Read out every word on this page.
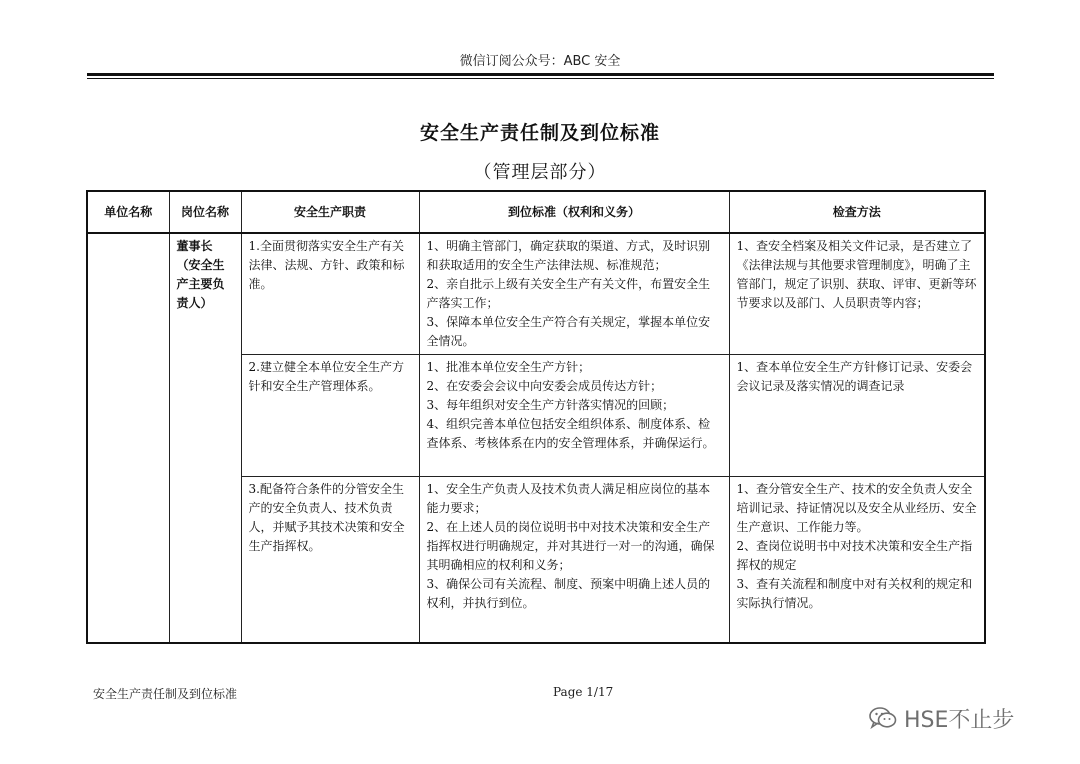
微信订阅公众号：ABC 安全
安全生产责任制及到位标准
（管理层部分）
单位名称	岗位名称	安全生产职责	到位标准（权利和义务）	检查方法
	董事长（安全生产主要负责人）	1.全面贯彻落实安全生产有关法律、法规、方针、政策和标准。	1、明确主管部门，确定获取的渠道、方式，及时识别和获取适用的安全生产法律法规、标准规范；
2、亲自批示上级有关安全生产有关文件，布置安全生产落实工作；
3、保障本单位安全生产符合有关规定，掌握本单位安全情况。	1、查安全档案及相关文件记录，是否建立了《法律法规与其他要求管理制度》，明确了主管部门，规定了识别、获取、评审、更新等环节要求以及部门、人员职责等内容；

		2.建立健全本单位安全生产方针和安全生产管理体系。	1、批准本单位安全生产方针；
2、在安委会会议中向安委会成员传达方针；
3、每年组织对安全生产方针落实情况的回顾；
4、组织完善本单位包括安全组织体系、制度体系、检查体系、考核体系在内的安全管理体系，并确保运行。	1、查本单位安全生产方针修订记录、安委会会议记录及落实情况的调查记录

		3.配备符合条件的分管安全生产的安全负责人、技术负责人，并赋予其技术决策和安全生产指挥权。	1、安全生产负责人及技术负责人满足相应岗位的基本能力要求；
2、在上述人员的岗位说明书中对技术决策和安全生产指挥权进行明确规定，并对其进行一对一的沟通，确保其明确相应的权利和义务；
3、确保公司有关流程、制度、预案中明确上述人员的权利，并执行到位。	1、查分管安全生产、技术的安全负责人安全培训记录、持证情况以及安全从业经历、安全生产意识、工作能力等。
2、查岗位说明书中对技术决策和安全生产指挥权的规定
3、查有关流程和制度中对有关权利的规定和实际执行情况。
安全生产责任制及到位标准	Page 1/17
HSE不止步
